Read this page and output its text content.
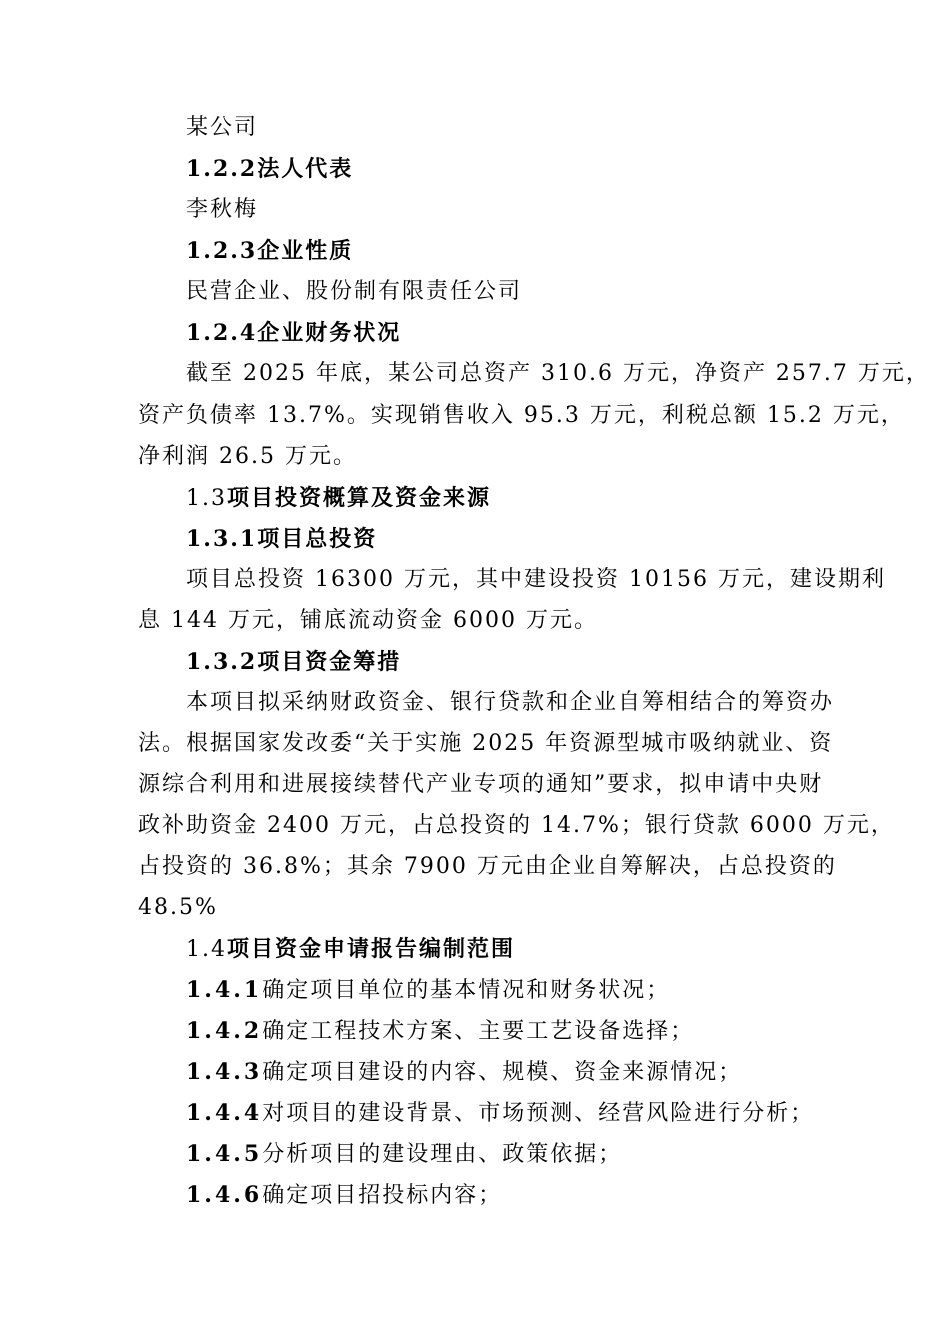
某公司
1.2.2法人代表
李秋梅
1.2.3企业性质
民营企业、股份制有限责任公司
1.2.4企业财务状况
截至 2025 年底，某公司总资产 310.6 万元，净资产 257.7 万元，
资产负债率 13.7%。实现销售收入 95.3 万元，利税总额 15.2 万元，
净利润 26.5 万元。
1.3项目投资概算及资金来源
1.3.1项目总投资
项目总投资 16300 万元，其中建设投资 10156 万元，建设期利
息 144 万元，铺底流动资金 6000 万元。
1.3.2项目资金筹措
本项目拟采纳财政资金、银行贷款和企业自筹相结合的筹资办
法。根据国家发改委“关于实施 2025 年资源型城市吸纳就业、资
源综合利用和进展接续替代产业专项的通知”要求，拟申请中央财
政补助资金 2400 万元，占总投资的 14.7%；银行贷款 6000 万元，
占投资的 36.8%；其余 7900 万元由企业自筹解决，占总投资的
48.5%
1.4项目资金申请报告编制范围
1.4.1确定项目单位的基本情况和财务状况；
1.4.2确定工程技术方案、主要工艺设备选择；
1.4.3确定项目建设的内容、规模、资金来源情况；
1.4.4对项目的建设背景、市场预测、经营风险进行分析；
1.4.5分析项目的建设理由、政策依据；
1.4.6确定项目招投标内容；
